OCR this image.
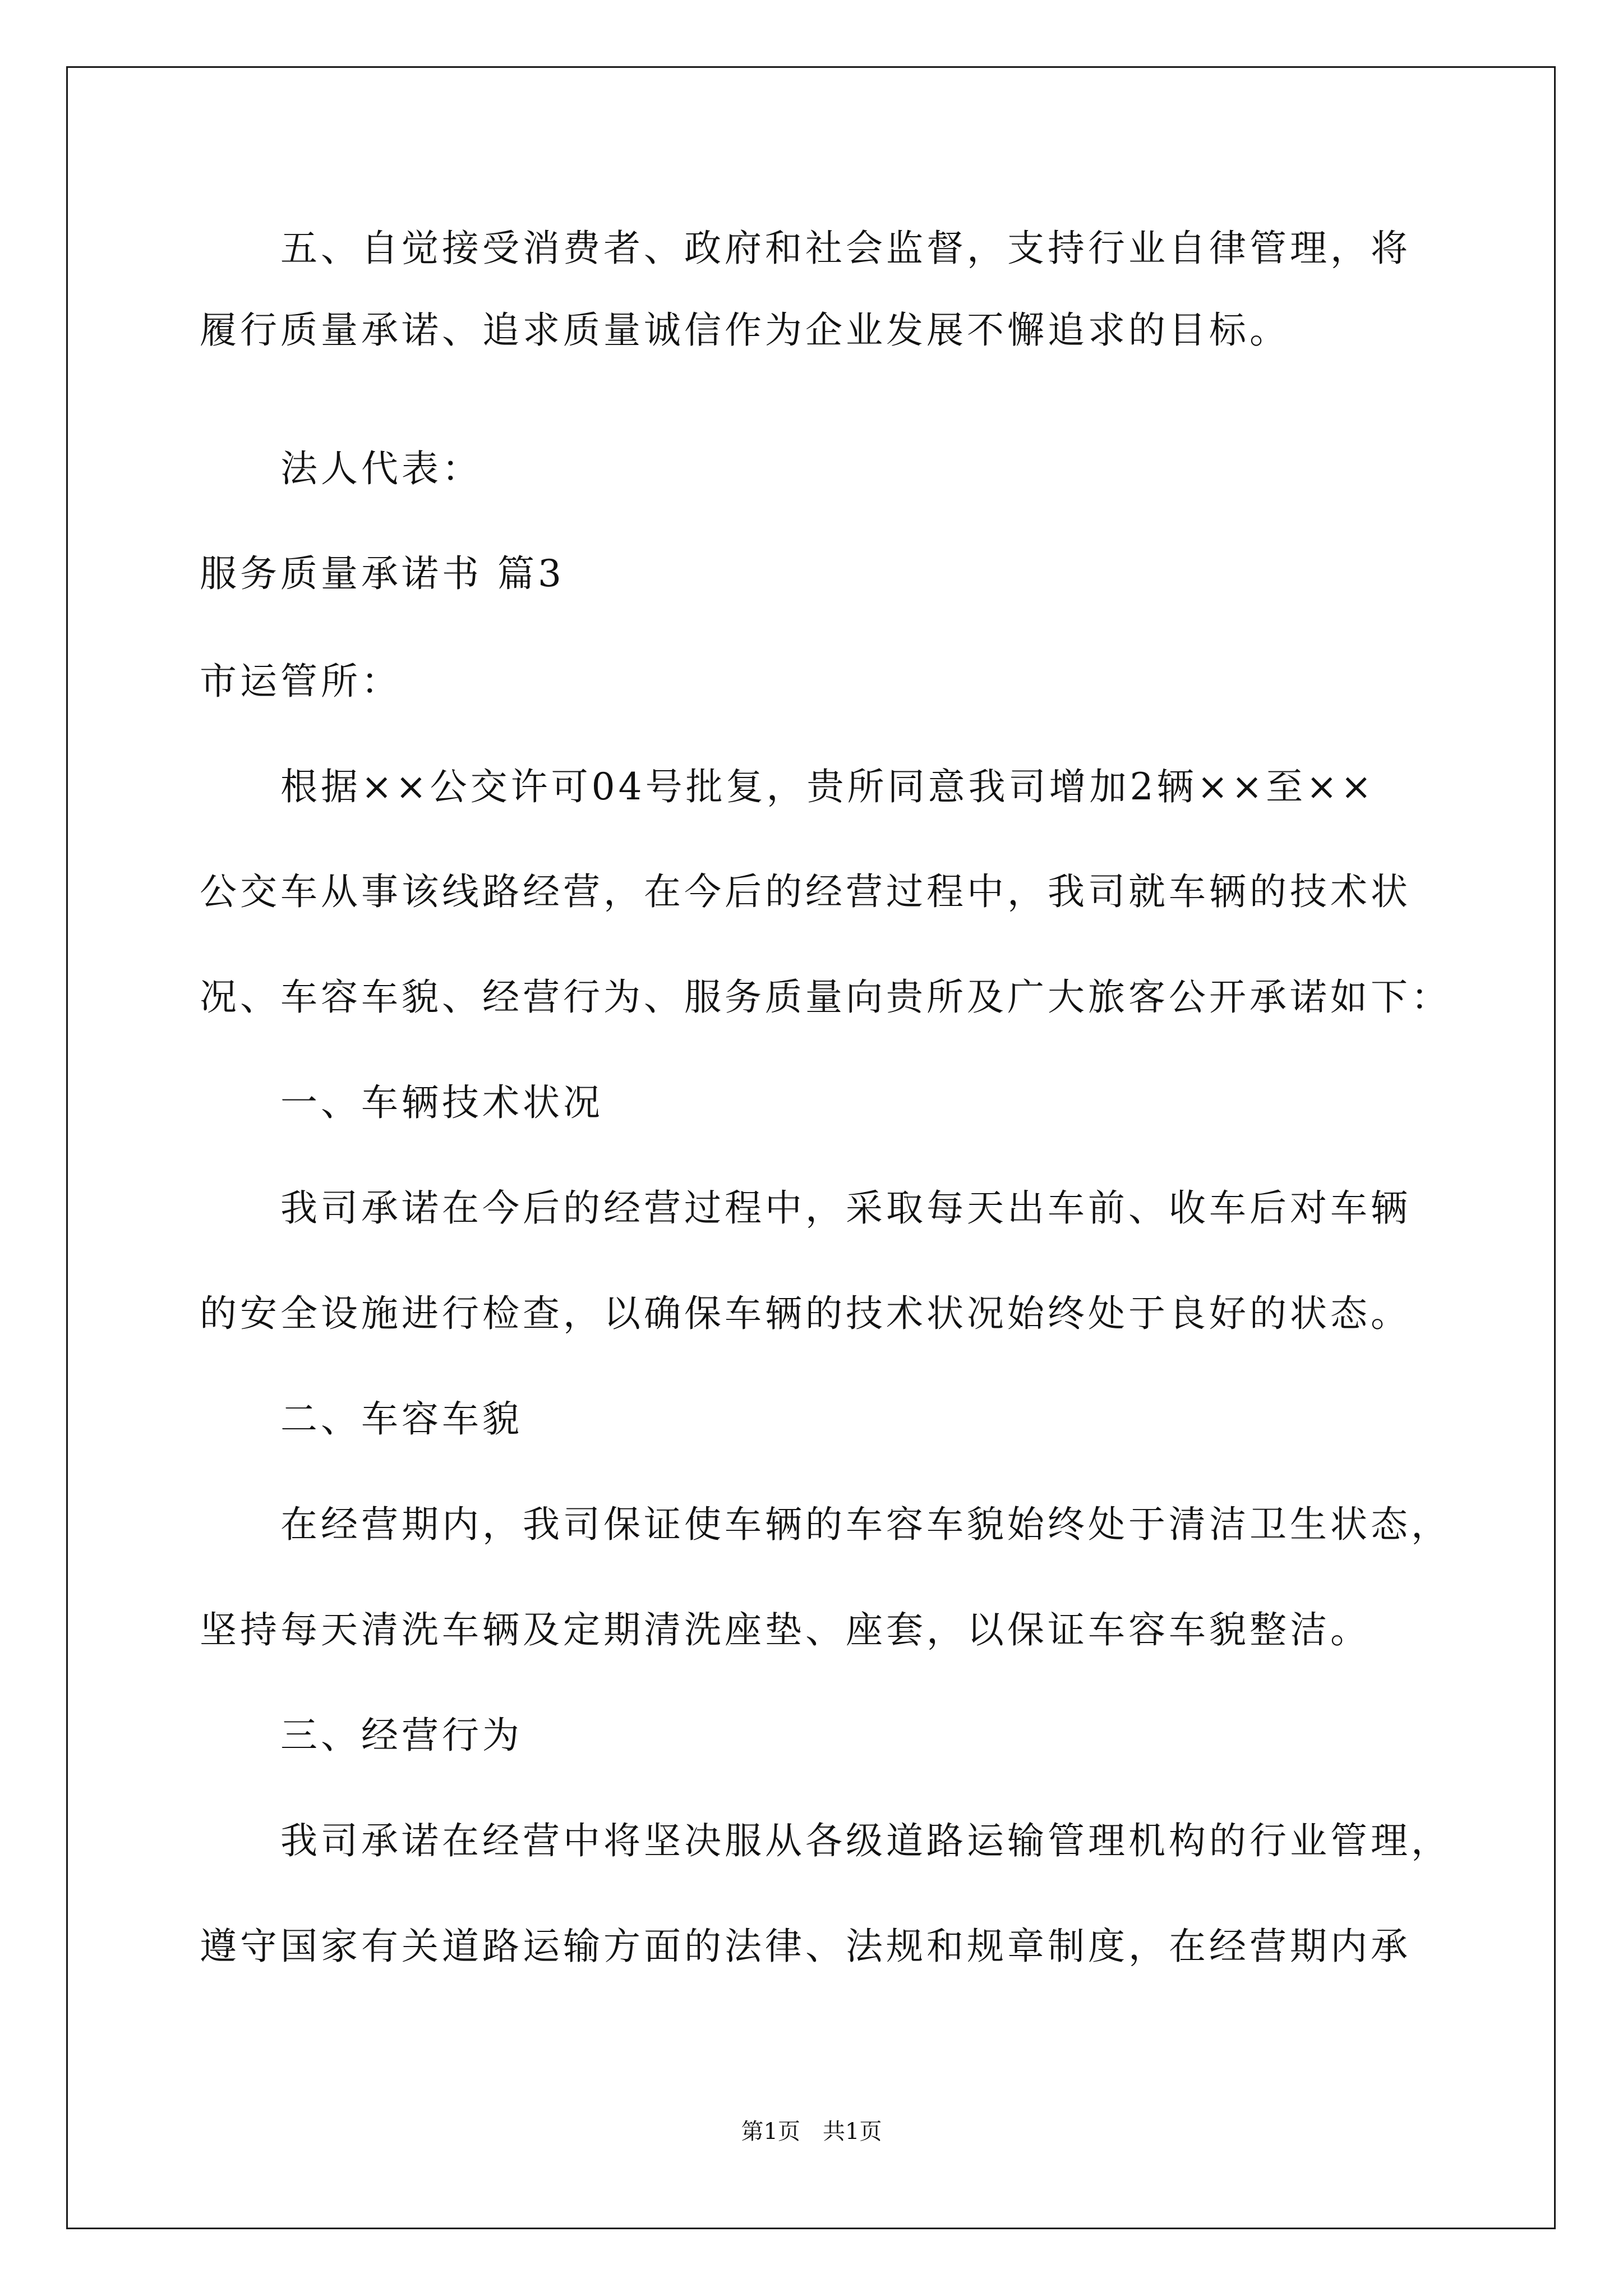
　　五、自觉接受消费者、政府和社会监督，支持行业自律管理，将
履行质量承诺、追求质量诚信作为企业发展不懈追求的目标。
　　法人代表：
服务质量承诺书 篇3
市运管所：
　　根据××公交许可04号批复，贵所同意我司增加2辆××至××
公交车从事该线路经营，在今后的经营过程中，我司就车辆的技术状
况、车容车貌、经营行为、服务质量向贵所及广大旅客公开承诺如下：
　　一、车辆技术状况
　　我司承诺在今后的经营过程中，采取每天出车前、收车后对车辆
的安全设施进行检查，以确保车辆的技术状况始终处于良好的状态。
　　二、车容车貌
　　在经营期内，我司保证使车辆的车容车貌始终处于清洁卫生状态，
坚持每天清洗车辆及定期清洗座垫、座套，以保证车容车貌整洁。
　　三、经营行为
　　我司承诺在经营中将坚决服从各级道路运输管理机构的行业管理，
遵守国家有关道路运输方面的法律、法规和规章制度，在经营期内承
第1页　共1页
